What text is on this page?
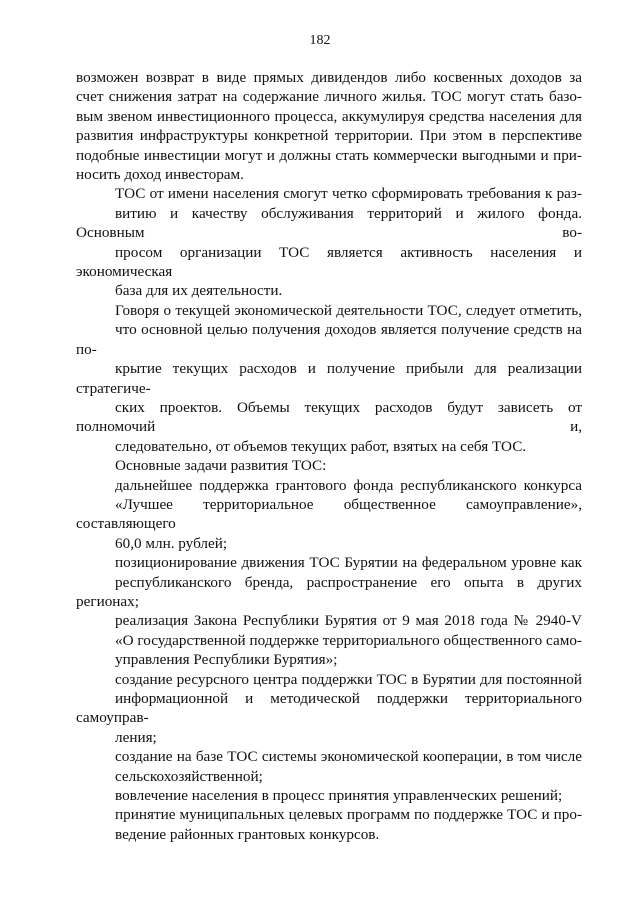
182
возможен возврат в виде прямых дивидендов либо косвенных доходов за
счет снижения затрат на содержание личного жилья. ТОС могут стать базо-
вым звеном инвестиционного процесса, аккумулируя средства населения для
развития инфраструктуры конкретной территории. При этом в перспективе
подобные инвестиции могут и должны стать коммерчески выгодными и при-
носить доход инвесторам.
ТОС от имени населения смогут четко сформировать требования к раз-
витию и качеству обслуживания территорий и жилого фонда. Основным во-
просом организации ТОС является активность населения и экономическая
база для их деятельности.
Говоря о текущей экономической деятельности ТОС, следует отметить,
что основной целью получения доходов является получение средств на по-
крытие текущих расходов и получение прибыли для реализации стратегиче-
ских проектов. Объемы текущих расходов будут зависеть от полномочий и,
следовательно, от объемов текущих работ, взятых на себя ТОС.
Основные задачи развития ТОС:
дальнейшее поддержка грантового фонда республиканского конкурса
«Лучшее территориальное общественное самоуправление», составляющего
60,0 млн. рублей;
позиционирование движения ТОС Бурятии на федеральном уровне как
республиканского бренда, распространение его опыта в других регионах;
реализация Закона Республики Бурятия от 9 мая 2018 года № 2940-V
«О государственной поддержке территориального общественного само-
управления Республики Бурятия»;
создание ресурсного центра поддержки ТОС в Бурятии для постоянной
информационной и методической поддержки территориального самоуправ-
ления;
создание на базе ТОС системы экономической кооперации, в том числе
сельскохозяйственной;
вовлечение населения в процесс принятия управленческих решений;
принятие муниципальных целевых программ по поддержке ТОС и про-
ведение районных грантовых конкурсов.
